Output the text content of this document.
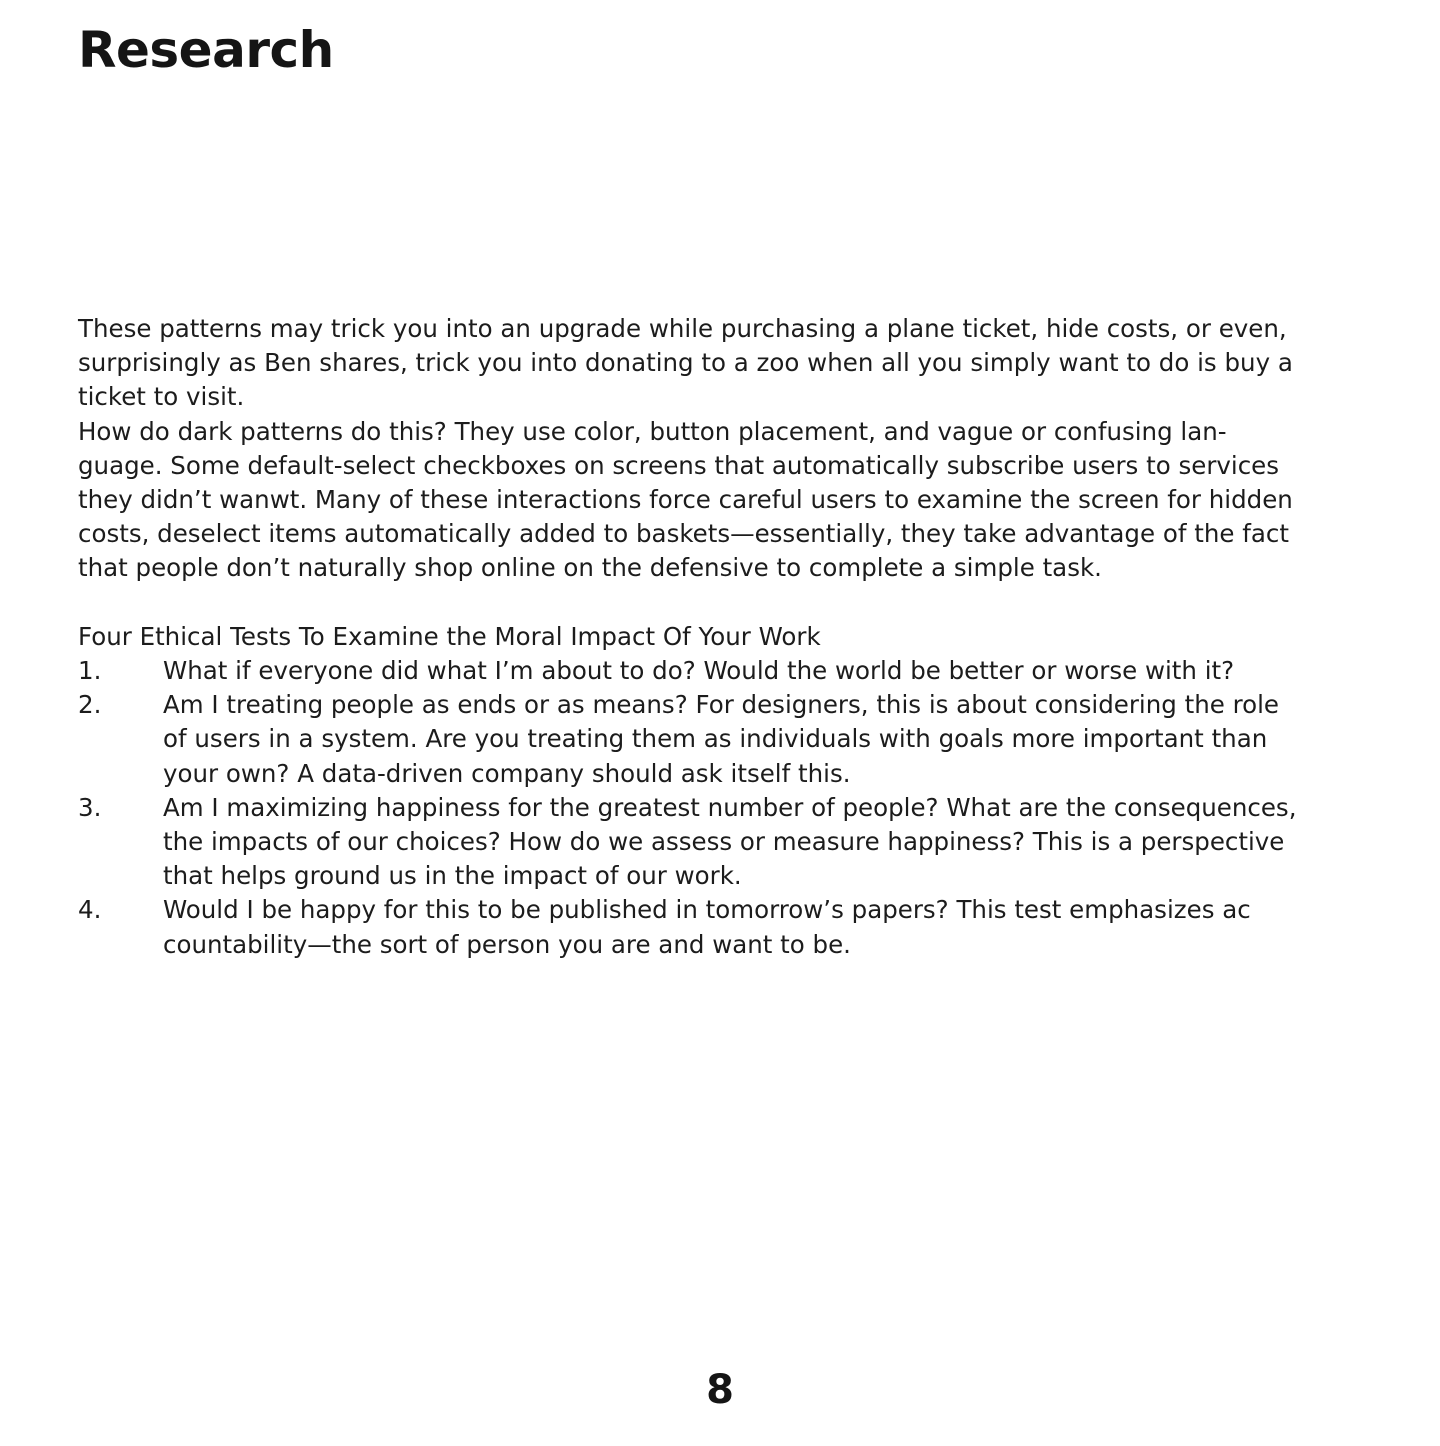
Research
These patterns may trick you into an upgrade while purchasing a plane ticket, hide costs, or even,
surprisingly as Ben shares, trick you into donating to a zoo when all you simply want to do is buy a
ticket to visit.
How do dark patterns do this? They use color, button placement, and vague or confusing lan-
guage. Some default-select checkboxes on screens that automatically subscribe users to services
they didn’t wanwt. Many of these interactions force careful users to examine the screen for hidden
costs, deselect items automatically added to baskets—essentially, they take advantage of the fact
that people don’t naturally shop online on the defensive to complete a simple task.
Four Ethical Tests To Examine the Moral Impact Of Your Work
1.	What if everyone did what I’m about to do? Would the world be better or worse with it?
2.	Am I treating people as ends or as means? For designers, this is about considering the role
of users in a system. Are you treating them as individuals with goals more important than
your own? A data-driven company should ask itself this.
3.	Am I maximizing happiness for the greatest number of people? What are the consequences,
the impacts of our choices? How do we assess or measure happiness? This is a perspective
that helps ground us in the impact of our work.
4.	Would I be happy for this to be published in tomorrow’s papers? This test emphasizes ac
countability—the sort of person you are and want to be.

8
